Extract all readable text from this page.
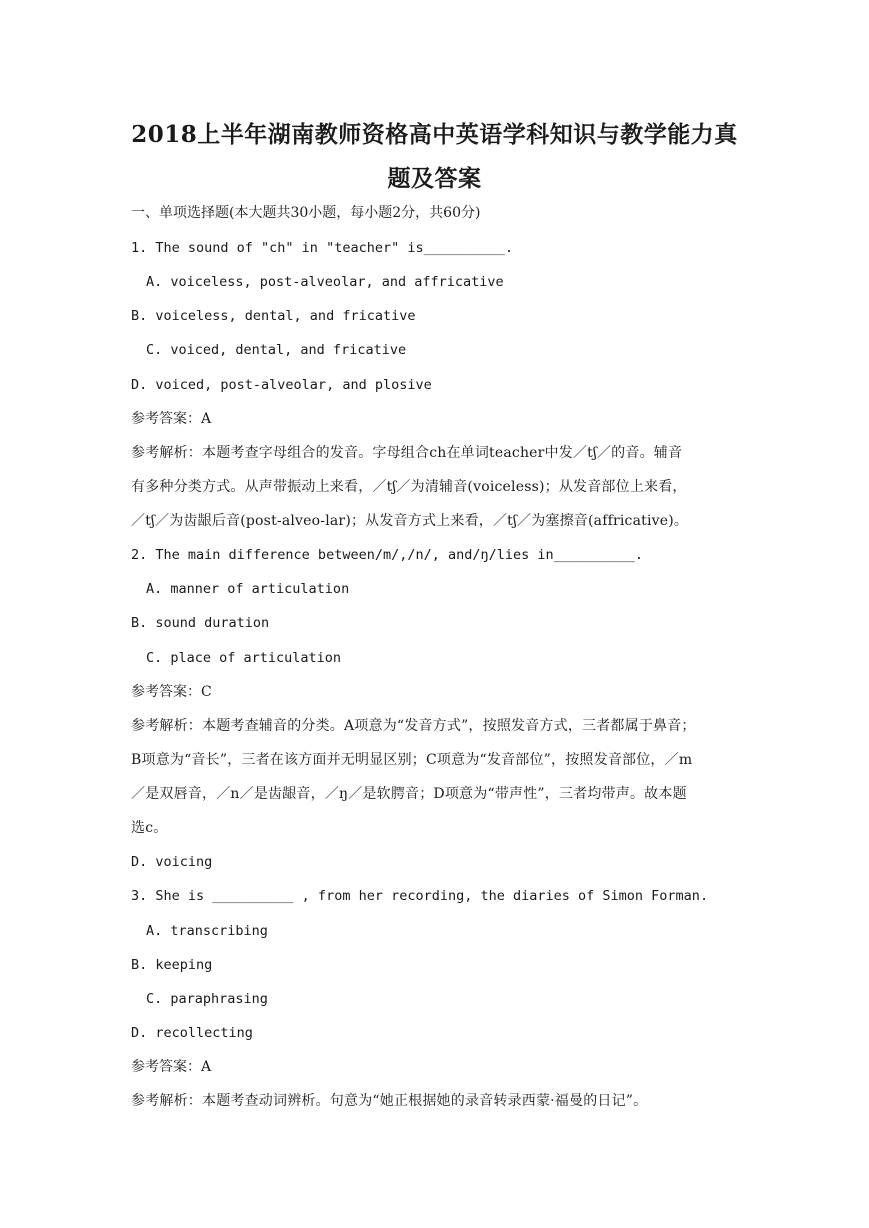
2018上半年湖南教师资格高中英语学科知识与教学能力真
题及答案
一、单项选择题(本大题共30小题，每小题2分，共60分)
1. The sound of "ch" in "teacher" is__________.
A. voiceless, post-alveolar, and affricative
B. voiceless, dental, and fricative
C. voiced, dental, and fricative
D. voiced, post-alveolar, and plosive
参考答案：A
参考解析：本题考查字母组合的发音。字母组合ch在单词teacher中发／tʃ／的音。辅音
有多种分类方式。从声带振动上来看，／tʃ／为清辅音(voiceless)；从发音部位上来看，
／tʃ／为齿龈后音(post-alveo-lar)；从发音方式上来看，／tʃ／为塞擦音(affricative)。
2. The main difference between/m/,/n/, and/ŋ/lies in__________.
A. manner of articulation
B. sound duration
C. place of articulation
参考答案：C
参考解析：本题考查辅音的分类。A项意为“发音方式”，按照发音方式，三者都属于鼻音；
B项意为“音长”，三者在该方面并无明显区别；C项意为“发音部位”，按照发音部位，／m
／是双唇音，／n／是齿龈音，／ŋ／是软腭音；D项意为“带声性”，三者均带声。故本题
选c。
D. voicing
3. She is __________ , from her recording, the diaries of Simon Forman.
A. transcribing
B. keeping
C. paraphrasing
D. recollecting
参考答案：A
参考解析：本题考查动词辨析。句意为“她正根据她的录音转录西蒙·福曼的日记”。
